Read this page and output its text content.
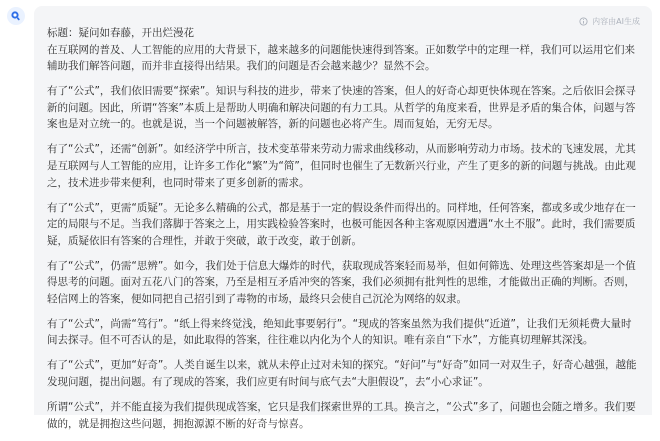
内容由AI生成

标题：疑问如春藤，开出烂漫花

在互联网的普及、人工智能的应用的大背景下，越来越多的问题能快速得到答案。正如数学中的定理一样，我们可以运用它们来辅助我们解答问题，而并非直接得出结果。我们的问题是否会越来越少？显然不会。

有了“公式”，我们依旧需要“探索”。知识与科技的进步，带来了快速的答案，但人的好奇心却更快体现在答案。之后依旧会探寻新的问题。因此，所谓“答案”本质上是帮助人明确和解决问题的有力工具。从哲学的角度来看，世界是矛盾的集合体，问题与答案也是对立统一的。也就是说，当一个问题被解答，新的问题也必将产生。周而复始，无穷无尽。

有了“公式”，还需“创新”。如经济学中所言，技术变革带来劳动力需求曲线移动，从而影响劳动力市场。技术的飞速发展，尤其是互联网与人工智能的应用，让许多工作化“繁”为“简”，但同时也催生了无数新兴行业，产生了更多的新的问题与挑战。由此观之，技术进步带来便利，也同时带来了更多创新的需求。

有了“公式”，更需“质疑”。无论多么精确的公式，都是基于一定的假设条件而得出的。同样地，任何答案，都或多或少地存在一定的局限与不足。当我们落脚于答案之上，用实践检验答案时，也极可能因各种主客观原因遭遇“水土不服”。此时，我们需要质疑，质疑依旧有答案的合理性，并敢于突破，敢于改变，敢于创新。

有了“公式”，仍需“思辨”。如今，我们处于信息大爆炸的时代，获取现成答案轻而易举，但如何筛选、处理这些答案却是一个值得思考的问题。面对五花八门的答案，乃至是相互矛盾冲突的答案，我们必须拥有批判性的思维，才能做出正确的判断。否则，轻信网上的答案，便如同把自己招引到了毒物的市场，最终只会使自己沉沦为网络的奴隶。

有了“公式”，尚需“笃行”。“纸上得来终觉浅，绝知此事要躬行”。“现成的答案虽然为我们提供“近道”，让我们无须耗费大量时间去探寻。但不可否认的是，如此取得的答案，往往难以内化为个人的知识。唯有亲自“下水”，方能真切理解其深浅。

有了“公式”，更加“好奇”。人类自诞生以来，就从未停止过对未知的探究。“好问”与“好奇”如同一对双生子，好奇心越强，越能发现问题，提出问题。有了现成的答案，我们应更有时间与底气去“大胆假设”，去“小心求证”。

所谓“公式”，并不能直接为我们提供现成答案，它只是我们探索世界的工具。换言之，“公式”多了，问题也会随之增多。我们要做的，就是拥抱这些问题，拥抱源源不断的好奇与惊喜。
